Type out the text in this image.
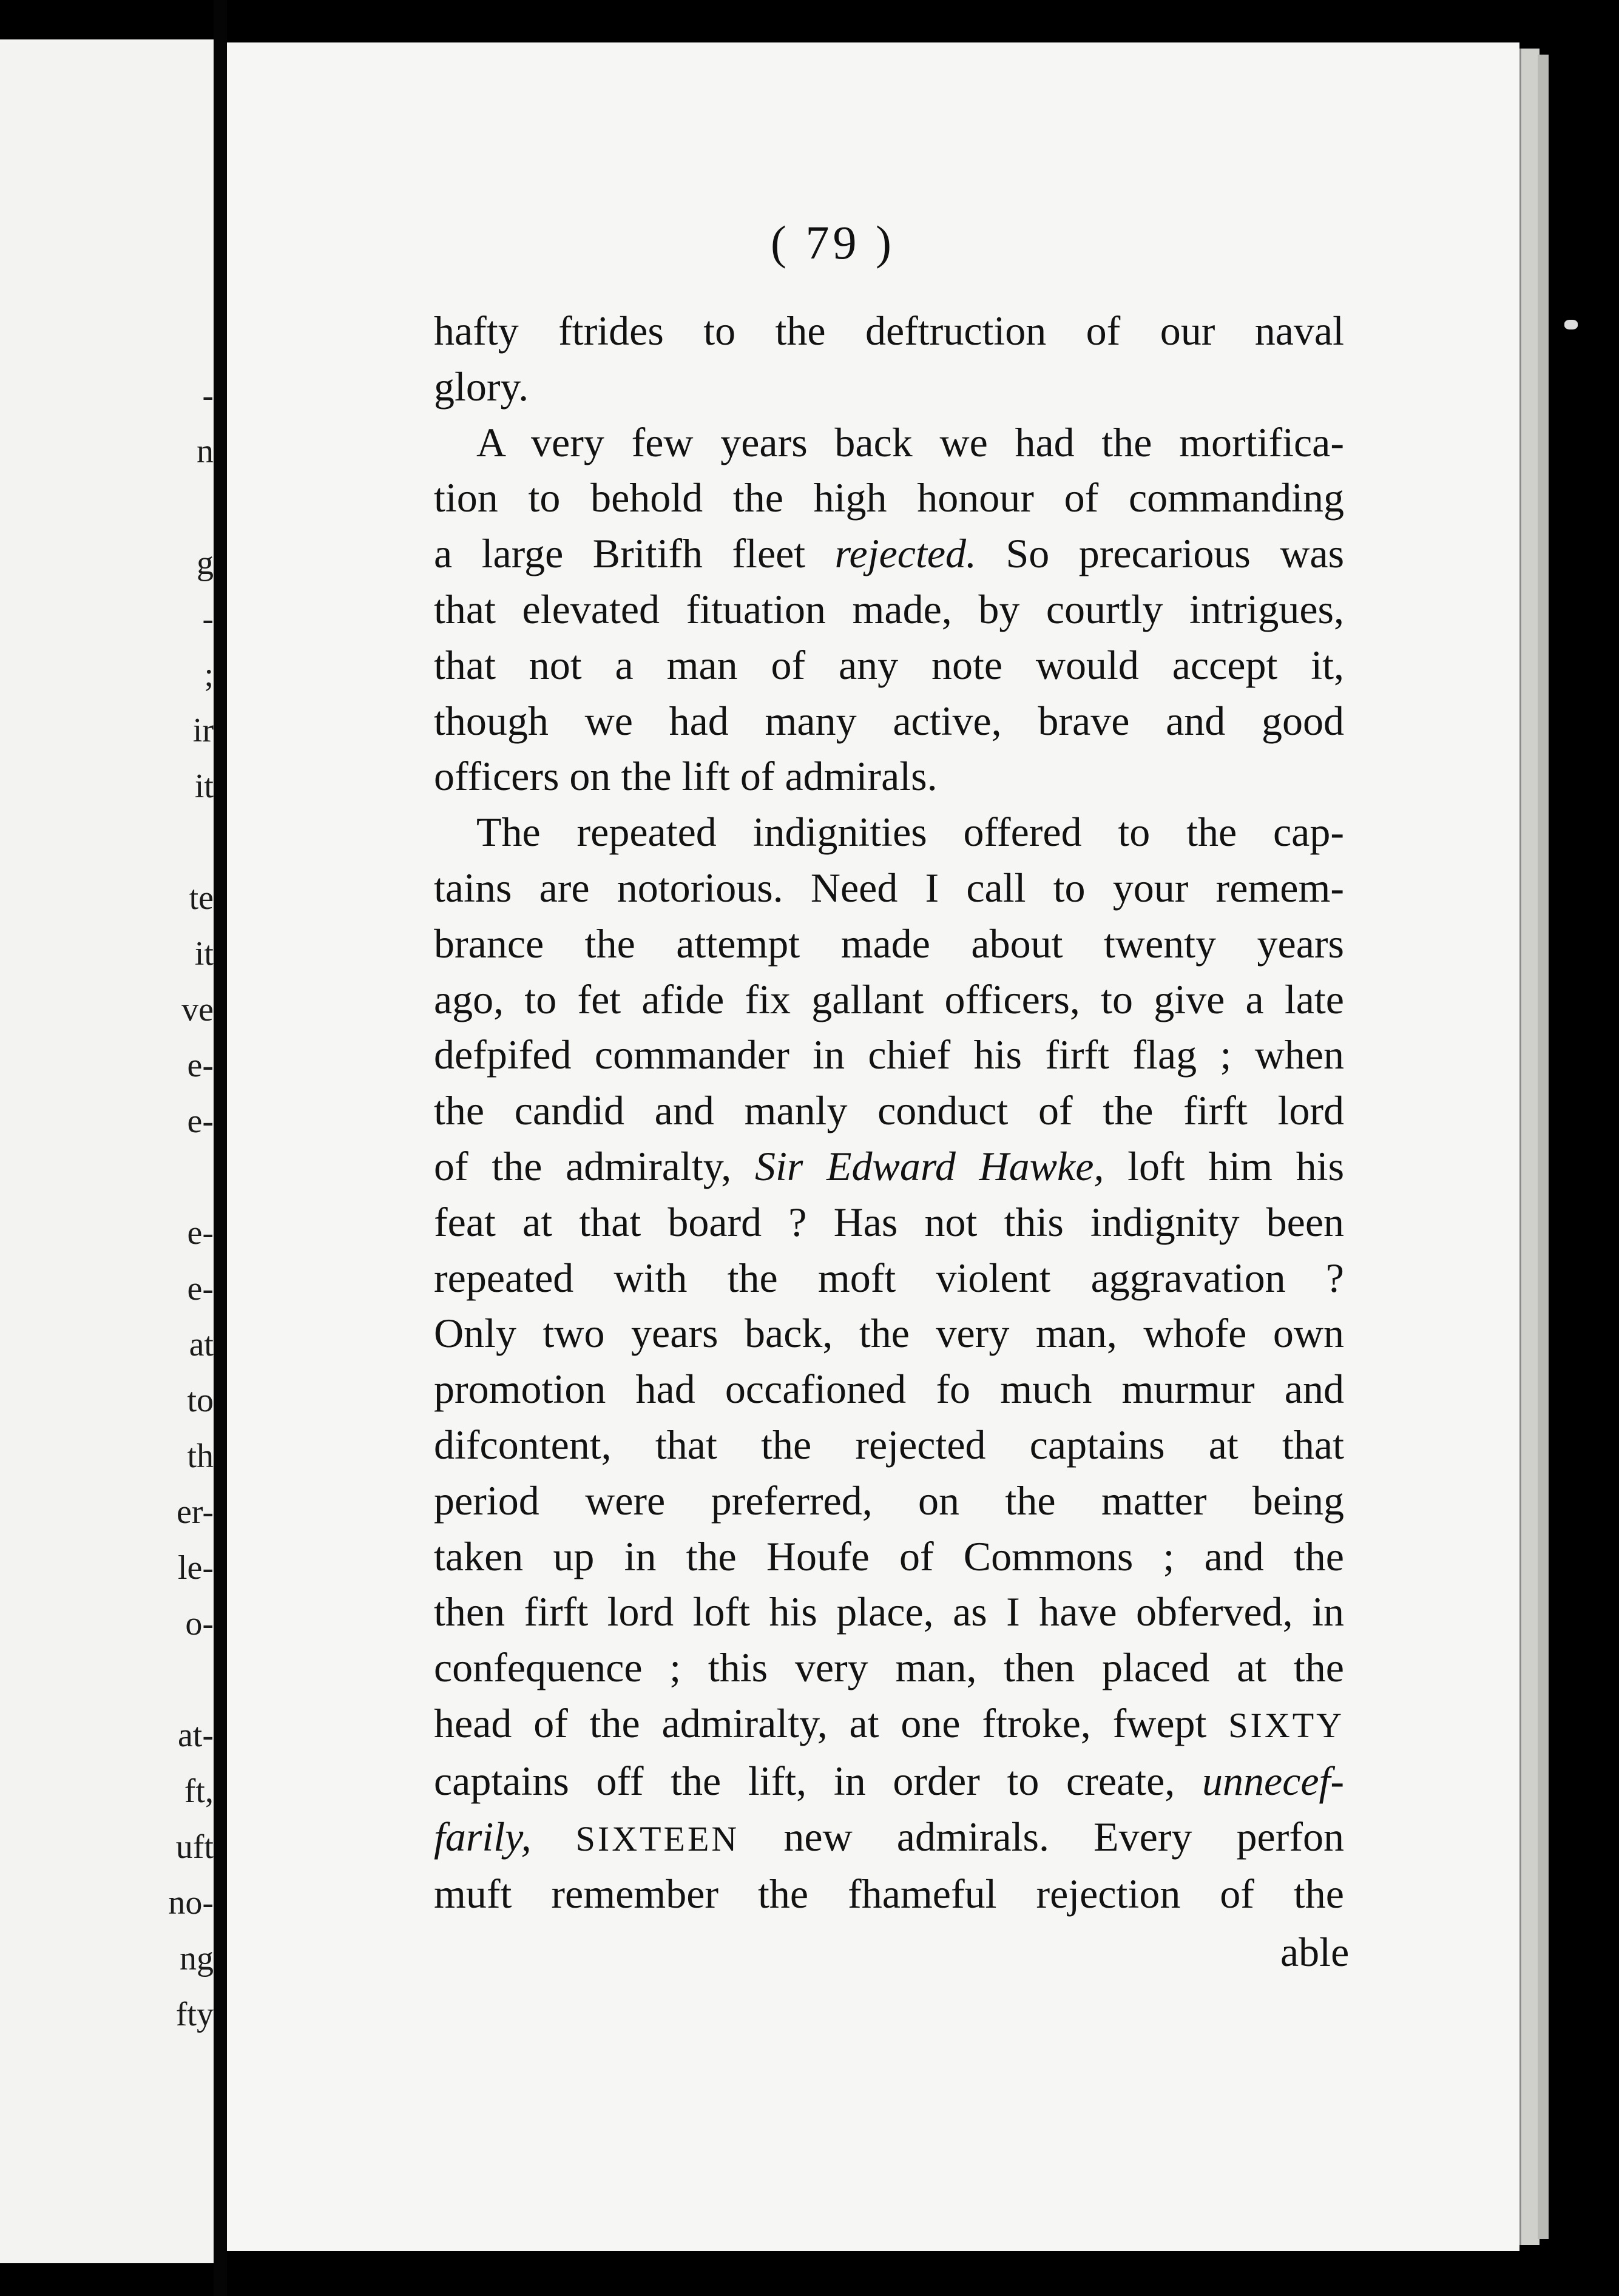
-
n
g
-
;
ir
it
te
it
ve
e-
e-
e-
e-
at
to
th
er-
le-
o-
at-
ft,
uft
no-
ng
fty
( 79 )
hafty ftrides to the deftruction of our naval
glory.
A very few years back we had the mortifica-
tion to behold the high honour of commanding
a large Britifh fleet rejected. So precarious was
that elevated fituation made, by courtly intrigues,
that not a man of any note would accept it,
though we had many active, brave and good
officers on the lift of admirals.
The repeated indignities offered to the cap-
tains are notorious. Need I call to your remem-
brance the attempt made about twenty years
ago, to fet afide fix gallant officers, to give a late
defpifed commander in chief his firft flag ; when
the candid and manly conduct of the firft lord
of the admiralty, Sir Edward Hawke, loft him his
feat at that board ? Has not this indignity been
repeated with the moft violent aggravation ?
Only two years back, the very man, whofe own
promotion had occafioned fo much murmur and
difcontent, that the rejected captains at that
period were preferred, on the matter being
taken up in the Houfe of Commons ; and the
then firft lord loft his place, as I have obferved, in
confequence ; this very man, then placed at the
head of the admiralty, at one ftroke, fwept SIXTY
captains off the lift, in order to create, unnecef-
farily, SIXTEEN new admirals. Every perfon
muft remember the fhameful rejection of the
able
